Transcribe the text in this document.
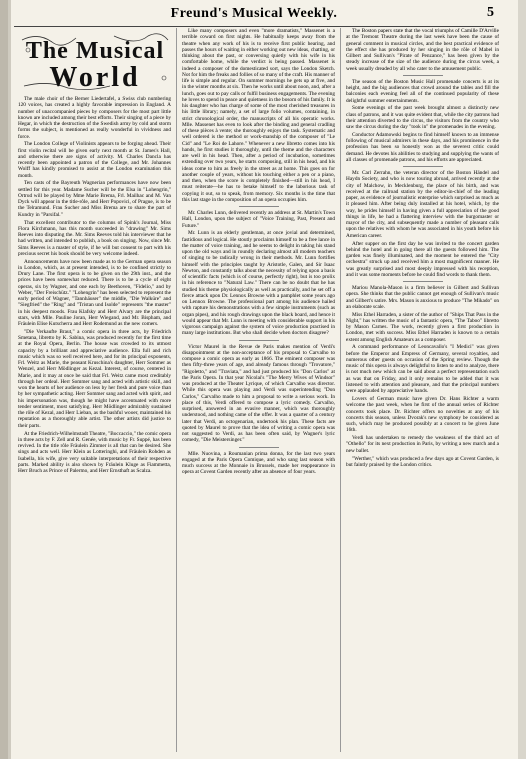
Freund's Musical Weekly.	5
The Musical
World

The male choir of the Berner Liedertafel, a Swiss club numbering 120 voices, has created a highly favorable impression in England. A number of unaccompanied pieces by composers for the most part little known are included among their best efforts. Their singing of a piece by Hegar, in which the destruction of the Swedish army by cold and storm forms the subject, is mentioned as really wonderful in vividness and force.

The London College of Violinists appears to be forging ahead. Their first violin recital will be given early next month at St. James's Hall, and otherwise there are signs of activity. M. Charles Dancla has recently been appointed a patron of the College, and Mr. Johannes Wolff has kindly promised to assist at the London examination this month.

Ten casts of the Bayreuth Wagnerian performances have now been settled for this year. Madame Sucher will be the Elsa in "Lohengrin," Ortrud will be played by Mme Marie Brema, Frl. Mailhac and M. Van Dyck will appear in the title-rôle, and Herr Popovici, of Prague, is to be the Telramund. Frau Sucher and Miss Brema are to share the part of Kundry in "Parsifal."

That excellent contributor to the columns of Spink's Journal, Miss Flora Kirchmann, has this month succeeded in "drawing" Mr. Sims Reeves into disputing the. Mr. Sims Reeves told his interviewer that he had written, and intended to publish, a book on singing. Now, since Mr. Sims Reeves is a master of style, if he will but consent to part with his precious secret his book should be very welcome indeed.

Announcements have now been made as to the German opera season in London, which, as at present intended, is to be confined strictly to Drury Lane. The first opera is to be given on the 29th inst., and the prices have been somewhat reduced. There is to be a cycle of eight operas, six by Wagner, and one each by Beethoven, "Fidelio," and by Weber, "Der Freischütz." "Lohengrin" has been selected to represent the early period of Wagner, "Tannhäuser" the middle, "Die Walküre" and "Siegfried" the "Ring" and "Tristan und Isolde" represents "the master" in his deepest moods. Frau Klafsky and Herr Alvary are the principal stars, with Mlle. Pauline Joran, Herr Wiegand, and Mr. Bispham, and Fräulein Elise Kutscherra and Herr Rodemund as the new comers.

"Die Verkaufte Braut," a comic opera in three acts, by Friedrich Smetana, libretto by K. Sabina, was produced recently for the first time at the Royal Opera, Berlin. The house was crowded to its utmost capacity by a brilliant and appreciative audience. Ella full and rich music which was so well received here, and for its principal exponents, Frl. Weitz as Marie, the peasant Kruschina's daughter, Herr Sommer as Wenzel, and Herr Mödlinger as Kezal. Interest, of course, centered in Marie, and it may at once be said that Frl. Weitz came most creditably through her ordeal. Herr Sommer sang and acted with artistic skill, and won the hearts of her audience on less by her fresh and pure voice than by her sympathetic acting. Herr Sommer sang and acted with spirit, and his impersonation was, though he might have accentuated with more tender sentiment, most satisfying. Herr Mödlinger admirably sustained the rôle of Kezal, and Herr Lieban, as the bashful wooer, maintained his reputation as a thoroughly able artist. The other artists did justice to their parts.

At the Friedrich-Wilhelmstadt Theatre, "Boccaccio," the comic opera in three acts by F. Zell and R. Genée, with music by Fr. Suppé, has been revived. In the title rôle Fräulein Zimmer is all that can be desired. She sings and acts well. Herr Klein as Lotteringhi, and Fräulein Rohden as Isabella, his wife, give very suitable interpretations of their respective parts. Marked ability is also shown by Fräulein Kluge as Fiammetta, Herr Bruch as Prince of Palermo, and Herr Ernsthaft as Scalza.

Like many composers and even "more dramatists," Massenet is a terrible coward on first nights. He habitually keeps away from the theatre when any work of his is to receive first public hearing, and passes the hours of waiting in either working out new ideas, chatting, or thinking about the past, or conversing quietly with his wife in his comfortable home, while the verdict is being passed. Massenet is indeed a composer of the domesticated sort, says the London Sketch. Not for him the freaks and follies of so many of the craft. His manner of life is simple and regular. On summer mornings he gets up at five, and in the winter months at six. Then he works until about noon, and, after a lunch, goes out to pay calls or fulfil business engagements. The evening he loves to spend in peace and quietness in the bosom of his family. It is his daughter who has charge of some of the most cherished treasures in his little library; namely, a set of large folio volumes, containing, in strict chronological order, the manuscripts of all his operatic works. Mlle. Massenet has even to look after the binding and general cradling of these pièces à vente; she thoroughly enjoys the task. Systematic and well ordered is the method or work-manship of the composer of "Le Cid" and "Le Roi de Lahore." Whenever a new libretto comes into his hands, he first studies it thoroughly, until the theme and the characters are well in his head. Then, after a period of incubation, sometimes extending over two years, he starts composing, still in his head, and his ideas come to him as freely in the street as at home. This goes on for another couple of years, without his touching either a pen or a piano, and then, when the score is completely finished—still in his head, I must reiterate—he has to betake himself to the laborious task of copying it out, so to speak, from memory. Six months is the time that this last stage in the composition of an opera occupies him.

Mr. Charles Lunn, delivered recently an address at St. Martin's Town Hall, London, upon the subject of "Voice Training, Past, Present and Future."

Mr. Lunn is an elderly gentleman, at once jovial and determined, fastidious and logical. He stoutly proclaims himself to be a free lance in the matter of voice training, and he seems to delight in taking his stand upon the old ways and in roundly declaring almost all modern teachers of singing to be radically wrong in their methods. Mr. Lunn fortifies himself with the principles taught by Aristotle, Galen, and Sir Isaac Newton, and constantly talks about the necessity of relying upon a basis of scientific facts (which is of course, perfectly right), but is too prolix in his reference to "Natural Law." There can be no doubt that he has studied his theme physiologically as well as practically, and he set off a fierce attack upon Dr. Lennox Browne with a pamphlet some years ago on Lennox Browne. The professional part among his audience hailed with rapture his demonstrations with a few simple instruments (such as organ pipes), and his rough drawings upon the black board, and hence it would appear that Mr. Lunn is meeting with considerable support in his vigorous campaign against the system of voice production practised in many large institutions. But who shall decide when doctors disagree?

Victor Maurel in the Revue de Paris makes mention of Verdi's disappointment at the non-acceptance of his proposal to Carvalho to compose a comic opera as early as 1866. The eminent composer was then fifty-three years of age, and already famous through "Trovatore," "Rigoletto," and "Traviata," and had just produced his "Don Carlos" at the Paris Opera. In that year Nicolai's "The Merry Wives of Windsor" was produced at the Theater Lyrique, of which Carvalho was director. While this opera was playing and Verdi was superintending "Don Carlos," Carvalho made to him a proposal to write a serious work. In place of this, Verdi offered to compose a lyric comedy. Carvalho, surprised, answered in an evasive manner, which was thoroughly understood, and nothing came of the offer. It was a quarter of a century later that Verdi, an octogenarian, undertook his plan. These facts are quoted by Maurel to prove that the idea of writing a comic opera was not suggested to Verdi, as has been often said, by Wagner's lyric comedy, "Die Meistersinger."

Mlle. Nuovina, a Roumanian prima donna, for the last two years engaged at the Paris Opera Comique, and who sang last season with much success at the Monnaie in Brussels, made her reappearance in opera at Covent Garden recently after an absence of four years.

The Boston papers state that the vocal triumphs of Camille D'Arville at the Tremont Theatre during the last week have been the cause of general comment in musical circles, and the best practical evidence of the effect she has produced by her singing in the rôle of Mabel in Gilbert and Sullivan's "Pirate of Penzance," has been given by the steady increase of the size of the audience during the circus week, a week usually dreaded by all who cater to the amusement public.

The season of the Boston Music Hall promenade concerts is at its height, and the big audiences that crowd around the tables and fill the balconies each evening feel all of the continued popularity of these delightful summer entertainments.

Some evenings of the past week brought almost a distinctly new class of patrons, and it was quite evident that, while the city patrons had their attention diverted to the circus, the visitors from the country who saw the circus during the day "took in" the promenades in the evening.

Conductor Adamowski begins to find himself known to an immense following of musical admirers in these days, and his prominence in the profession has been so honestly won as the severest critic could demand. He devotes his abilities to studying and supplying the wants of all classes of promenade patrons, and his efforts are appreciated.

Mr. Carl Zerrahn, the veteran director of the Boston Händel and Haydn Society, and who is now touring abroad, arrived recently at the city of Malchow, in Mecklenburg, the place of his birth, and was received at the railroad station by the editor-in-chief of the leading paper, as evidence of journalistic enterprise which surprised as much as it pleased him. After being duly installed at his hotel, which, by the way, he prides himself in having given a full appreciation of the good things in life, he had a flattering interview with the burgomaster or mayor of the city, and subsequently made a number of pleasant calls upon the relatives with whom he was associated in his youth before his American career.

After supper on the first day he was invited to the concert garden behind the hotel and in going there all the guests followed him. The garden was finely illuminated, and the moment he entered the "City orchestra" struck up and received him a most magnificent manner. He was greatly surprised and most deeply impressed with his reception, and it was some moments before he could find words to thank them.

Mariou Manola-Mason is a firm believer in Gilbert and Sullivan opera. She thinks that the public cannot get enough of Sullivan's music and Gilbert's satire. Mrs. Mason is anxious to produce "The Mikado" on an elaborate scale.

Miss Ethel Harraden, a sister of the author of "Ships That Pass in the Night," has written the music of a fantastic opera, "The Taboo" libretto by Mason Carnes. The work, recently given a first production in London, met with success. Miss Ethel Harraden is known to a certain extent among English Amateurs as a composer.

A command performance of Leoncavallo's "I Medici" was given before the Emperor and Empress of Germany, several royalties, and numerous other guests on occasion of the Spring review. Though the music of this opera is always delightful to listen to and to analyze, there is not much new which can be said about a perfect representation such as was that on Friday, and it only remains to be added that it was listened to with attention and pleasure, and that the principal numbers were applauded by appreciative hands.

Lovers of German music have given Dr. Hans Richter a warm welcome the past week, when he first of the annual series of Richter concerts took place. Dr. Richter offers no novelties at any of his concerts this season, unless Dvorak's new symphony be considered as such, which may be produced possibly at a concert to be given June 16th.

Verdi has undertaken to remedy the weakness of the third act of "Othello" for its next production in Paris, by writing a new march and a new ballet.

"Werther," which was produced a few days ago at Covent Garden, is but faintly praised by the London critics.
